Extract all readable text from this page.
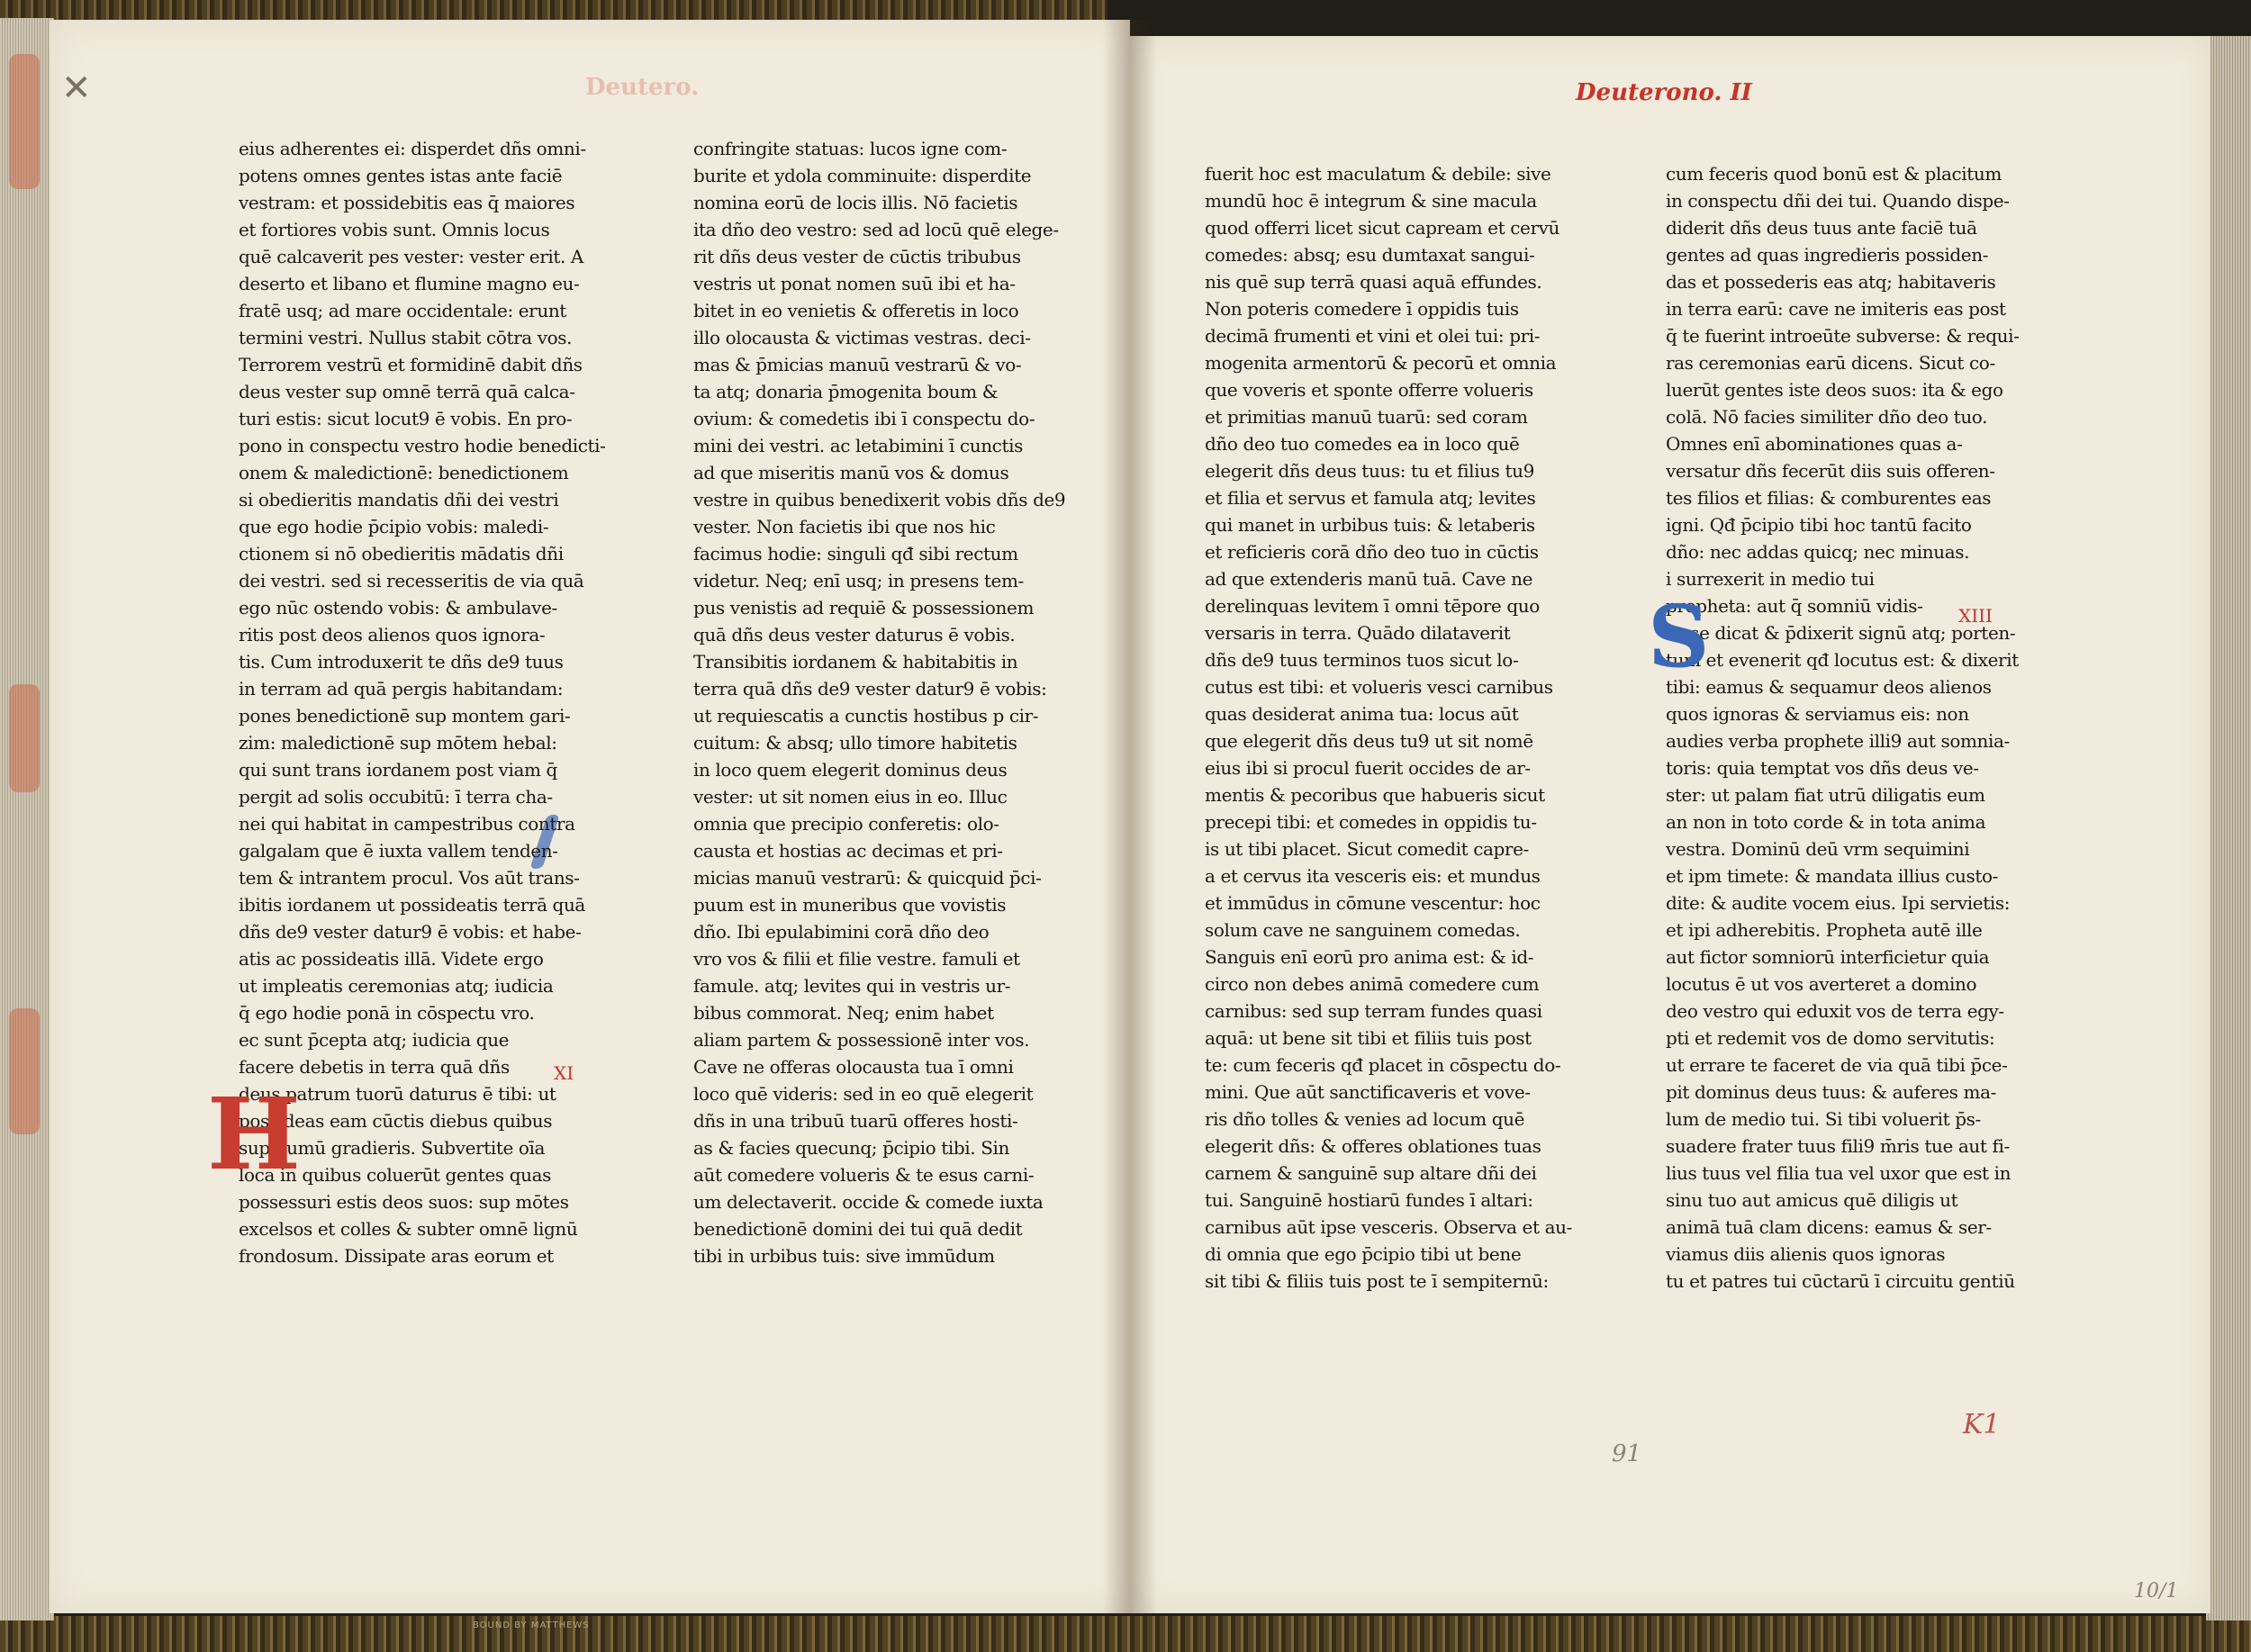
✕	Deutero.	Deuterono. II
eius adherentes ei: disperdet dñs omni-
potens omnes gentes istas ante faciē
vestram: et possidebitis eas q̄ maiores
et fortiores vobis sunt. Omnis locus
quē calcaverit pes vester: vester erit. A
deserto et libano et flumine magno eu-
fratē usq; ad mare occidentale: erunt
termini vestri. Nullus stabit cōtra vos.
Terrorem vestrū et formidinē dabit dñs
deus vester sup omnē terrā quā calca-
turi estis: sicut locut9 ē vobis. En pro-
pono in conspectu vestro hodie benedicti-
onem & maledictionē: benedictionem
si obedieritis mandatis dñi dei vestri
que ego hodie p̄cipio vobis: maledi-
ctionem si nō obedieritis mādatis dñi
dei vestri. sed si recesseritis de via quā
ego nūc ostendo vobis: & ambulave-
ritis post deos alienos quos ignora-
tis. Cum introduxerit te dñs de9 tuus
in terram ad quā pergis habitandam:
pones benedictionē sup montem gari-
zim: maledictionē sup mōtem hebal:
qui sunt trans iordanem post viam q̄
pergit ad solis occubitū: ī terra cha-
nei qui habitat in campestribus contra
galgalam que ē iuxta vallem tenden-
tem & intrantem procul. Vos aūt trans-
ibitis iordanem ut possideatis terrā quā
dñs de9 vester datur9 ē vobis: et habe-
atis ac possideatis illā. Videte ergo
ut impleatis ceremonias atq; iudicia
q̄ ego hodie ponā in cōspectu vro.
ec sunt p̄cepta atq; iudicia que
facere debetis in terra quā dñs
deus patrum tuorū daturus ē tibi: ut
possideas eam cūctis diebus quibus
sup humū gradieris. Subvertite oīa
loca in quibus coluerūt gentes quas
possessuri estis deos suos: sup mōtes
excelsos et colles & subter omnē lignū
frondosum. Dissipate aras eorum et
confringite statuas: lucos igne com-
burite et ydola comminuite: disperdite
nomina eorū de locis illis. Nō facietis
ita dño deo vestro: sed ad locū quē elege-
rit dñs deus vester de cūctis tribubus
vestris ut ponat nomen suū ibi et ha-
bitet in eo venietis & offeretis in loco
illo olocausta & victimas vestras. deci-
mas & p̄micias manuū vestrarū & vo-
ta atq; donaria p̄mogenita boum &
ovium: & comedetis ibi ī conspectu do-
mini dei vestri. ac letabimini ī cunctis
ad que miseritis manū vos & domus
vestre in quibus benedixerit vobis dñs de9
vester. Non facietis ibi que nos hic
facimus hodie: singuli qđ sibi rectum
videtur. Neq; enī usq; in presens tem-
pus venistis ad requiē & possessionem
quā dñs deus vester daturus ē vobis.
Transibitis iordanem & habitabitis in
terra quā dñs de9 vester datur9 ē vobis:
ut requiescatis a cunctis hostibus p cir-
cuitum: & absq; ullo timore habitetis
in loco quem elegerit dominus deus
vester: ut sit nomen eius in eo. Illuc
omnia que precipio conferetis: olo-
causta et hostias ac decimas et pri-
micias manuū vestrarū: & quicquid p̄ci-
puum est in muneribus que vovistis
dño. Ibi epulabimini corā dño deo
vro vos & filii et filie vestre. famuli et
famule. atq; levites qui in vestris ur-
bibus commorat. Neq; enim habet
aliam partem & possessionē inter vos.
Cave ne offeras olocausta tua ī omni
loco quē videris: sed in eo quē elegerit
dñs in una tribuū tuarū offeres hosti-
as & facies quecunq; p̄cipio tibi. Sin
aūt comedere volueris & te esus carni-
um delectaverit. occide & comede iuxta
benedictionē domini dei tui quā dedit
tibi in urbibus tuis: sive immūdum
fuerit hoc est maculatum & debile: sive
mundū hoc ē integrum & sine macula
quod offerri licet sicut capream et cervū
comedes: absq; esu dumtaxat sangui-
nis quē sup terrā quasi aquā effundes.
Non poteris comedere ī oppidis tuis
decimā frumenti et vini et olei tui: pri-
mogenita armentorū & pecorū et omnia
que voveris et sponte offerre volueris
et primitias manuū tuarū: sed coram
dño deo tuo comedes ea in loco quē
elegerit dñs deus tuus: tu et filius tu9
et filia et servus et famula atq; levites
qui manet in urbibus tuis: & letaberis
et reficieris corā dño deo tuo in cūctis
ad que extenderis manū tuā. Cave ne
derelinquas levitem ī omni tēpore quo
versaris in terra. Quādo dilataverit
dñs de9 tuus terminos tuos sicut lo-
cutus est tibi: et volueris vesci carnibus
quas desiderat anima tua: locus aūt
que elegerit dñs deus tu9 ut sit nomē
eius ibi si procul fuerit occides de ar-
mentis & pecoribus que habueris sicut
precepi tibi: et comedes in oppidis tu-
is ut tibi placet. Sicut comedit capre-
a et cervus ita vesceris eis: et mundus
et immūdus in cōmune vescentur: hoc
solum cave ne sanguinem comedas.
Sanguis enī eorū pro anima est: & id-
circo non debes animā comedere cum
carnibus: sed sup terram fundes quasi
aquā: ut bene sit tibi et filiis tuis post
te: cum feceris qđ placet in cōspectu do-
mini. Que aūt sanctificaveris et vove-
ris dño tolles & venies ad locum quē
elegerit dñs: & offeres oblationes tuas
carnem & sanguinē sup altare dñi dei
tui. Sanguinē hostiarū fundes ī altari:
carnibus aūt ipse vesceris. Observa et au-
di omnia que ego p̄cipio tibi ut bene
sit tibi & filiis tuis post te ī sempiternū:
cum feceris quod bonū est & placitum
in conspectu dñi dei tui. Quando dispe-
diderit dñs deus tuus ante faciē tuā
gentes ad quas ingredieris possiden-
das et possederis eas atq; habitaveris
in terra earū: cave ne imiteris eas post
q̄ te fuerint introeūte subverse: & requi-
ras ceremonias earū dicens. Sicut co-
luerūt gentes iste deos suos: ita & ego
colā. Nō facies similiter dño deo tuo.
Omnes enī abominationes quas a-
versatur dñs fecerūt diis suis offeren-
tes filios et filias: & comburentes eas
igni. Qđ p̄cipio tibi hoc tantū facito
dño: nec addas quicq; nec minuas.
i surrexerit in medio tui
propheta: aut q̄ somniū vidis-
se se dicat & p̄dixerit signū atq; porten-
tum et evenerit qđ locutus est: & dixerit
tibi: eamus & sequamur deos alienos
quos ignoras & serviamus eis: non
audies verba prophete illi9 aut somnia-
toris: quia temptat vos dñs deus ve-
ster: ut palam fiat utrū diligatis eum
an non in toto corde & in tota anima
vestra. Dominū deū vrm sequimini
et ipm timete: & mandata illius custo-
dite: & audite vocem eius. Ipi servietis:
et ipi adherebitis. Propheta autē ille
aut fictor somniorū interficietur quia
locutus ē ut vos averteret a domino
deo vestro qui eduxit vos de terra egy-
pti et redemit vos de domo servitutis:
ut errare te faceret de via quā tibi p̄ce-
pit dominus deus tuus: & auferes ma-
lum de medio tui. Si tibi voluerit p̄s-
suadere frater tuus fili9 m̄ris tue aut fi-
lius tuus vel filia tua vel uxor que est in
sinu tuo aut amicus quē diligis ut
animā tuā clam dicens: eamus & ser-
viamus diis alienis quos ignoras
tu et patres tui cūctarū ī circuitu gentiū
H
S
XI
XIII
K1
91
10/1
BOUND BY MATTHEWS
